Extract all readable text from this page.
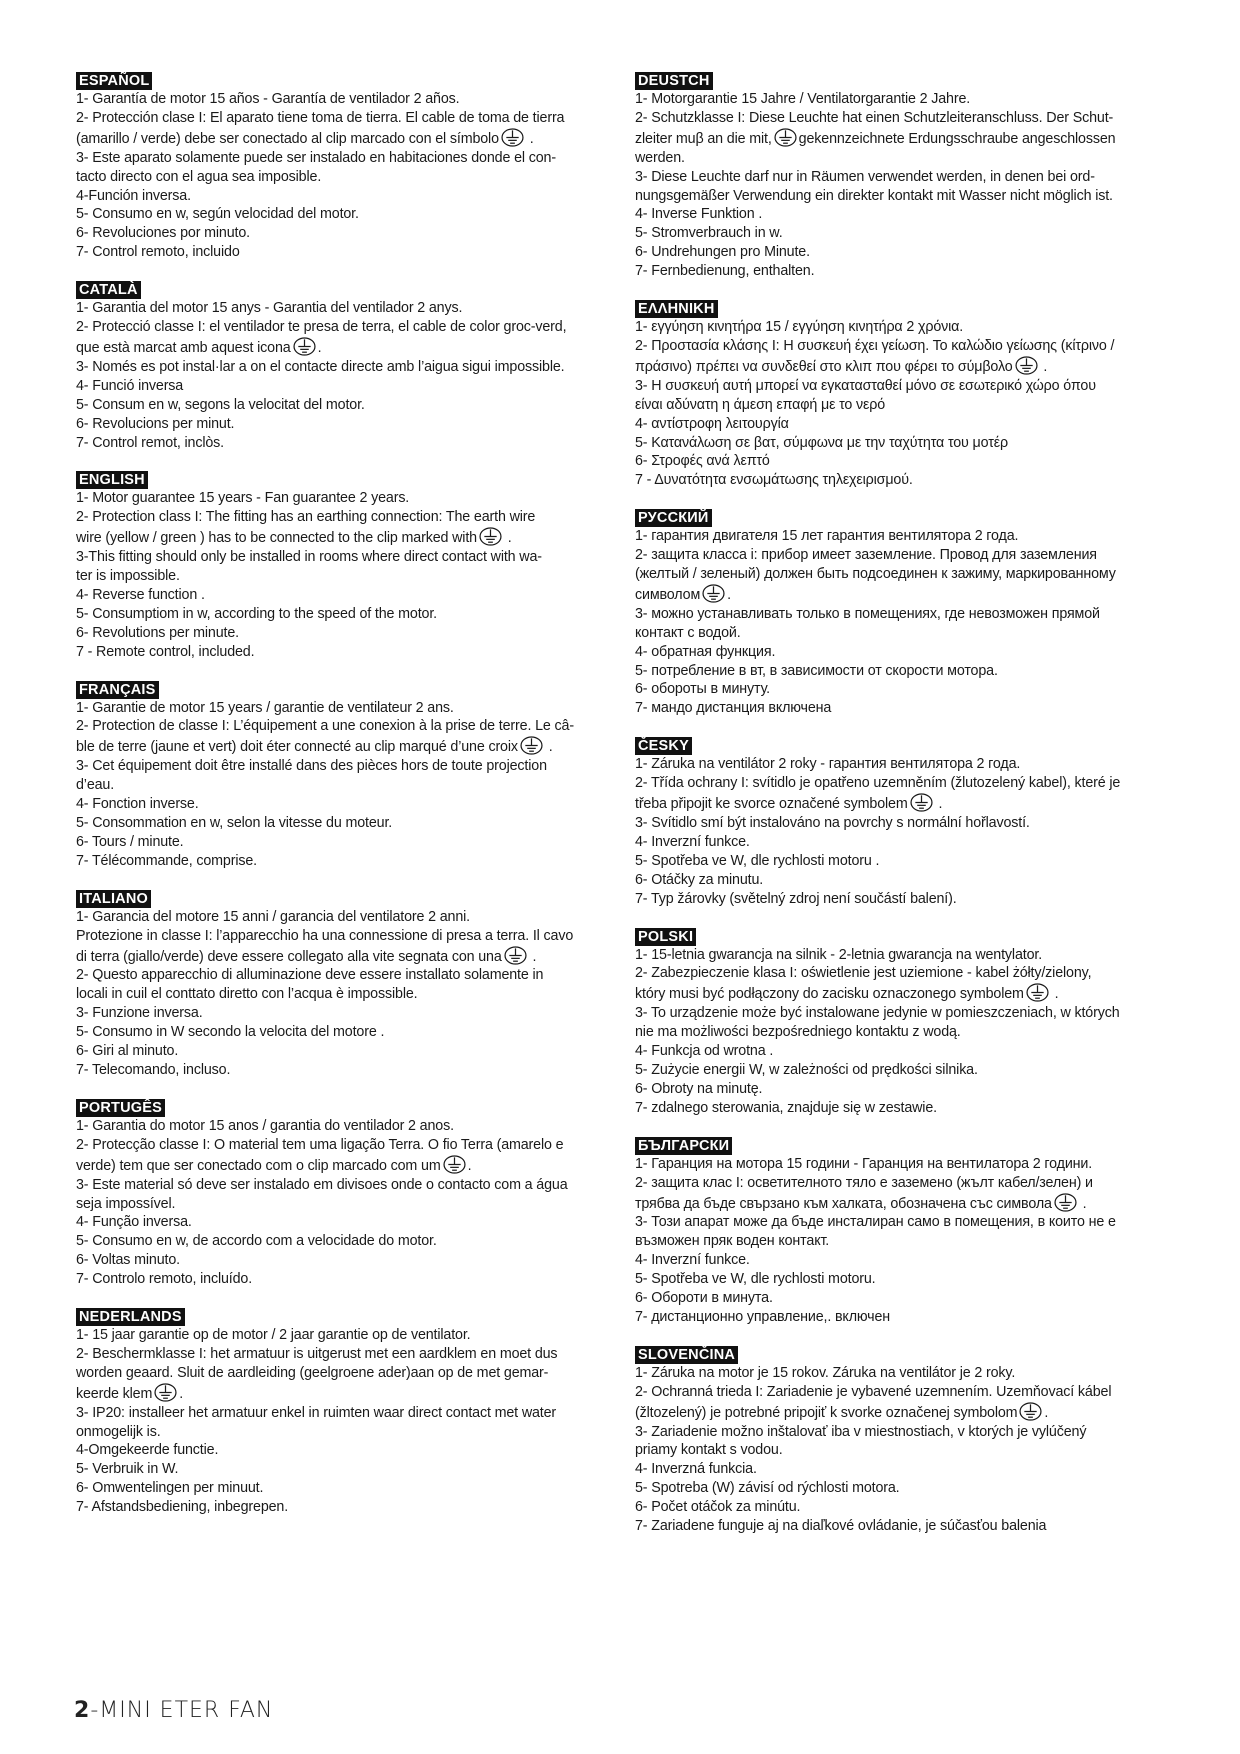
ESPAÑOL

1- Garantía de motor 15 años - Garantía de ventilador 2 años.

2- Protección clase I: El aparato tiene toma de tierra. El cable de toma de tierra

(amarillo / verde) debe ser conectado al clip marcado con el símbolo .

3- Este aparato solamente puede ser instalado en habitaciones donde el con-

tacto directo con el agua sea imposible.

4-Función inversa.

5- Consumo en w, según velocidad del motor.

6- Revoluciones por minuto.

7- Control remoto, incluido

CATALÀ

1- Garantia del motor 15 anys - Garantia del ventilador 2 anys.

2- Protecció classe I: el ventilador te presa de terra, el cable de color groc-verd,

que està marcat amb aquest icona .

3- Només es pot instal·lar a on el contacte directe amb l’aigua sigui impossible.

4- Funció inversa

5- Consum en w, segons la velocitat del motor.

6- Revolucions per minut.

7- Control remot, inclòs.

ENGLISH

1- Motor guarantee 15 years - Fan guarantee 2 years.

2- Protection class I: The fitting has an earthing connection: The earth wire

wire (yellow / green ) has to be connected to the clip marked with .

3-This fitting should only be installed in rooms where direct contact with wa-

ter is impossible.

4- Reverse function .

5- Consumptiom in w, according to the speed of the motor.

6- Revolutions per minute.

7 - Remote control, included.

FRANÇAIS

1- Garantie de motor 15 years / garantie de ventilateur 2 ans.

2- Protection de classe I: L’équipement a une conexion à la prise de terre. Le câ-

ble de terre (jaune et vert) doit éter connecté au clip marqué d’une croix .

3- Cet équipement doit être installé dans des pièces hors de toute projection

d’eau.

4- Fonction inverse.

5- Consommation en w, selon la vitesse du moteur.

6- Tours / minute.

7- Télécommande, comprise.

ITALIANO

1- Garancia del motore 15 anni / garancia del ventilatore 2 anni.

Protezione in classe I: l’apparecchio ha una connessione di presa a terra. Il cavo

di terra (giallo/verde) deve essere collegato alla vite segnata con una .

2- Questo apparecchio di alluminazione deve essere installato solamente in

locali in cuil el conttato diretto con l’acqua è impossible.

3- Funzione inversa.

5- Consumo in W secondo la velocita del motore .

6- Giri al minuto.

7- Telecomando, incluso.

PORTUGÊS

1- Garantia do motor 15 anos / garantia do ventilador 2 anos.

2- Protecção classe I: O material tem uma ligação Terra. O fio Terra (amarelo e

verde) tem que ser conectado com o clip marcado com um .

3- Este material só deve ser instalado em divisoes onde o contacto com a água

seja impossível.

4- Função inversa.

5- Consumo en w, de accordo com a velocidade do motor.

6- Voltas minuto.

7- Controlo remoto, incluído.

NEDERLANDS

1- 15 jaar garantie op de motor / 2 jaar garantie op de ventilator.

2- Beschermklasse I: het armatuur is uitgerust met een aardklem en moet dus

worden geaard. Sluit de aardleiding (geelgroene ader)aan op de met gemar-

keerde klem .

3- IP20: installeer het armatuur enkel in ruimten waar direct contact met water

onmogelijk is.

4-Omgekeerde functie.

5- Verbruik in W.

6- Omwentelingen per minuut.

7- Afstandsbediening, inbegrepen.

DEUSTCH

1- Motorgarantie 15 Jahre / Ventilatorgarantie 2 Jahre.

2- Schutzklasse I: Diese Leuchte hat einen Schutzleiteranschluss. Der Schut-

zleiter muβ an die mit, gekennzeichnete Erdungsschraube angeschlossen

werden.

3- Diese Leuchte darf nur in Räumen verwendet werden, in denen bei ord-

nungsgemäßer Verwendung ein direkter kontakt mit Wasser nicht möglich ist.

4- Inverse Funktion .

5- Stromverbrauch in w.

6- Undrehungen pro Minute.

7- Fernbedienung, enthalten.

ΕΛΛΗΝΙΚΗ

1- εγγύηση κινητήρα 15 / εγγύηση κινητήρα 2 χρόνια.

2- Προστασία κλάσης I: Η συσκευή έχει γείωση. Το καλώδιο γείωσης (κίτρινο /

πράσινο) πρέπει να συνδεθεί στο κλιπ που φέρει το σύμβολο .

3- Η συσκευή αυτή μπορεί να εγκατασταθεί μόνο σε εσωτερικό χώρο όπου

είναι αδύνατη η άμεση επαφή με το νερό

4- αντίστροφη λειτουργία

5- Κατανάλωση σε βατ, σύμφωνα με την ταχύτητα του μοτέρ

6- Στροφές ανά λεπτό

7 - Δυνατότητα ενσωμάτωσης τηλεχειρισμού.

РУССКИЙ

1- гарантия двигателя 15 лет гарантия вентилятора 2 года.

2- защита класса i: прибор имеет заземление. Провод для заземления

(желтый / зеленый) должен быть подсоединен к зажиму, маркированному

символом .

3- можно устанавливать только в помещениях, где невозможен прямой

контакт с водой.

4- обратная функция.

5- потребление в вт, в зависимости от скорости мотора.

6- обороты в минуту.

7- мандо дистанция включена

ČESKY

1- Záruka na ventilátor 2 roky - гарантия вентилятора 2 года.

2- Třída ochrany I: svítidlo je opatřeno uzemněním (žlutozelený kabel), které je

třeba připojit ke svorce označené symbolem .

3- Svítidlo smí být instalováno na povrchy s normální hořlavostí.

4- Inverzní funkce.

5- Spotřeba ve W, dle rychlosti motoru .

6- Otáčky za minutu.

7- Typ žárovky (světelný zdroj není součástí balení).

POLSKI

1- 15-letnia gwarancja na silnik - 2-letnia gwarancja na wentylator.

2- Zabezpieczenie klasa I: oświetlenie jest uziemione - kabel żółty/zielony,

który musi być podłączony do zacisku oznaczonego symbolem .

3- To urządzenie może być instalowane jedynie w pomieszczeniach, w których

nie ma możliwości bezpośredniego kontaktu z wodą.

4- Funkcja od wrotna .

5- Zużycie energii W, w zależności od prędkości silnika.

6- Obroty na minutę.

7- zdalnego sterowania, znajduje się w zestawie.

БЪЛГАРСКИ

1- Гаранция на мотора 15 години - Гаранция на вентилатора 2 години.

2- защита клас I: осветителното тяло е заземено (жълт кабел/зелен) и

трябва да бъде свързано към халката, обозначена със символа .

3- Този апарат може да бъде инсталиран само в помещения, в които не е

възможен пряк воден контакт.

4- Inverzní funkce.

5- Spotřeba ve W, dle rychlosti motoru.

6- Обороти в минута.

7- дистанционно управление,. включен

SLOVENČINA

1- Záruka na motor je 15 rokov. Záruka na ventilátor je 2 roky.

2- Ochranná trieda I: Zariadenie je vybavené uzemnením. Uzemňovací kábel

(žltozelený) je potrebné pripojiť k svorke označenej symbolom .

3- Zariadenie možno inštalovať iba v miestnostiach, v ktorých je vylúčený

priamy kontakt s vodou.

4- Inverzná funkcia.

5- Spotreba (W) závisí od rýchlosti motora.

6- Počet otáčok za minútu.

7- Zariadene funguje aj na diaľkové ovládanie, je súčasťou balenia

2-MINI ETER FAN
